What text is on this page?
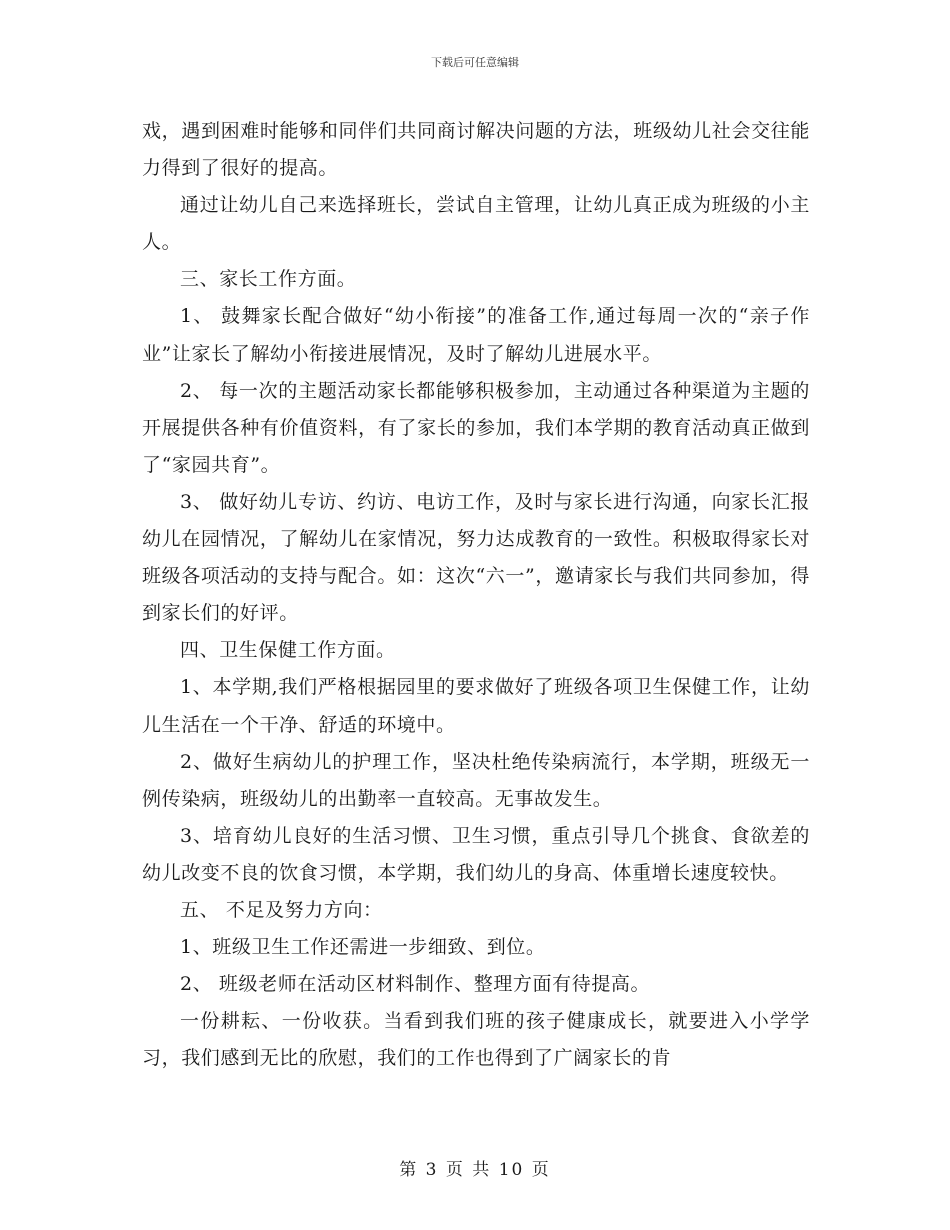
下载后可任意编辑

戏，遇到困难时能够和同伴们共同商讨解决问题的方法，班级幼儿社会交往能力得到了很好的提高。

通过让幼儿自己来选择班长，尝试自主管理，让幼儿真正成为班级的小主人。

三、家长工作方面。

1、 鼓舞家长配合做好“幼小衔接”的准备工作,通过每周一次的“亲子作业”让家长了解幼小衔接进展情况，及时了解幼儿进展水平。

2、 每一次的主题活动家长都能够积极参加，主动通过各种渠道为主题的开展提供各种有价值资料，有了家长的参加，我们本学期的教育活动真正做到了“家园共育”。

3、 做好幼儿专访、约访、电访工作，及时与家长进行沟通，向家长汇报幼儿在园情况，了解幼儿在家情况，努力达成教育的一致性。积极取得家长对班级各项活动的支持与配合。如：这次“六一”，邀请家长与我们共同参加，得到家长们的好评。

四、卫生保健工作方面。

1、本学期,我们严格根据园里的要求做好了班级各项卫生保健工作，让幼儿生活在一个干净、舒适的环境中。

2、做好生病幼儿的护理工作，坚决杜绝传染病流行，本学期，班级无一例传染病，班级幼儿的出勤率一直较高。无事故发生。

3、培育幼儿良好的生活习惯、卫生习惯，重点引导几个挑食、食欲差的幼儿改变不良的饮食习惯，本学期，我们幼儿的身高、体重增长速度较快。

五、 不足及努力方向：

1、班级卫生工作还需进一步细致、到位。

2、 班级老师在活动区材料制作、整理方面有待提高。

一份耕耘、一份收获。当看到我们班的孩子健康成长，就要进入小学学习，我们感到无比的欣慰，我们的工作也得到了广阔家长的肯

第 3 页 共 10 页
